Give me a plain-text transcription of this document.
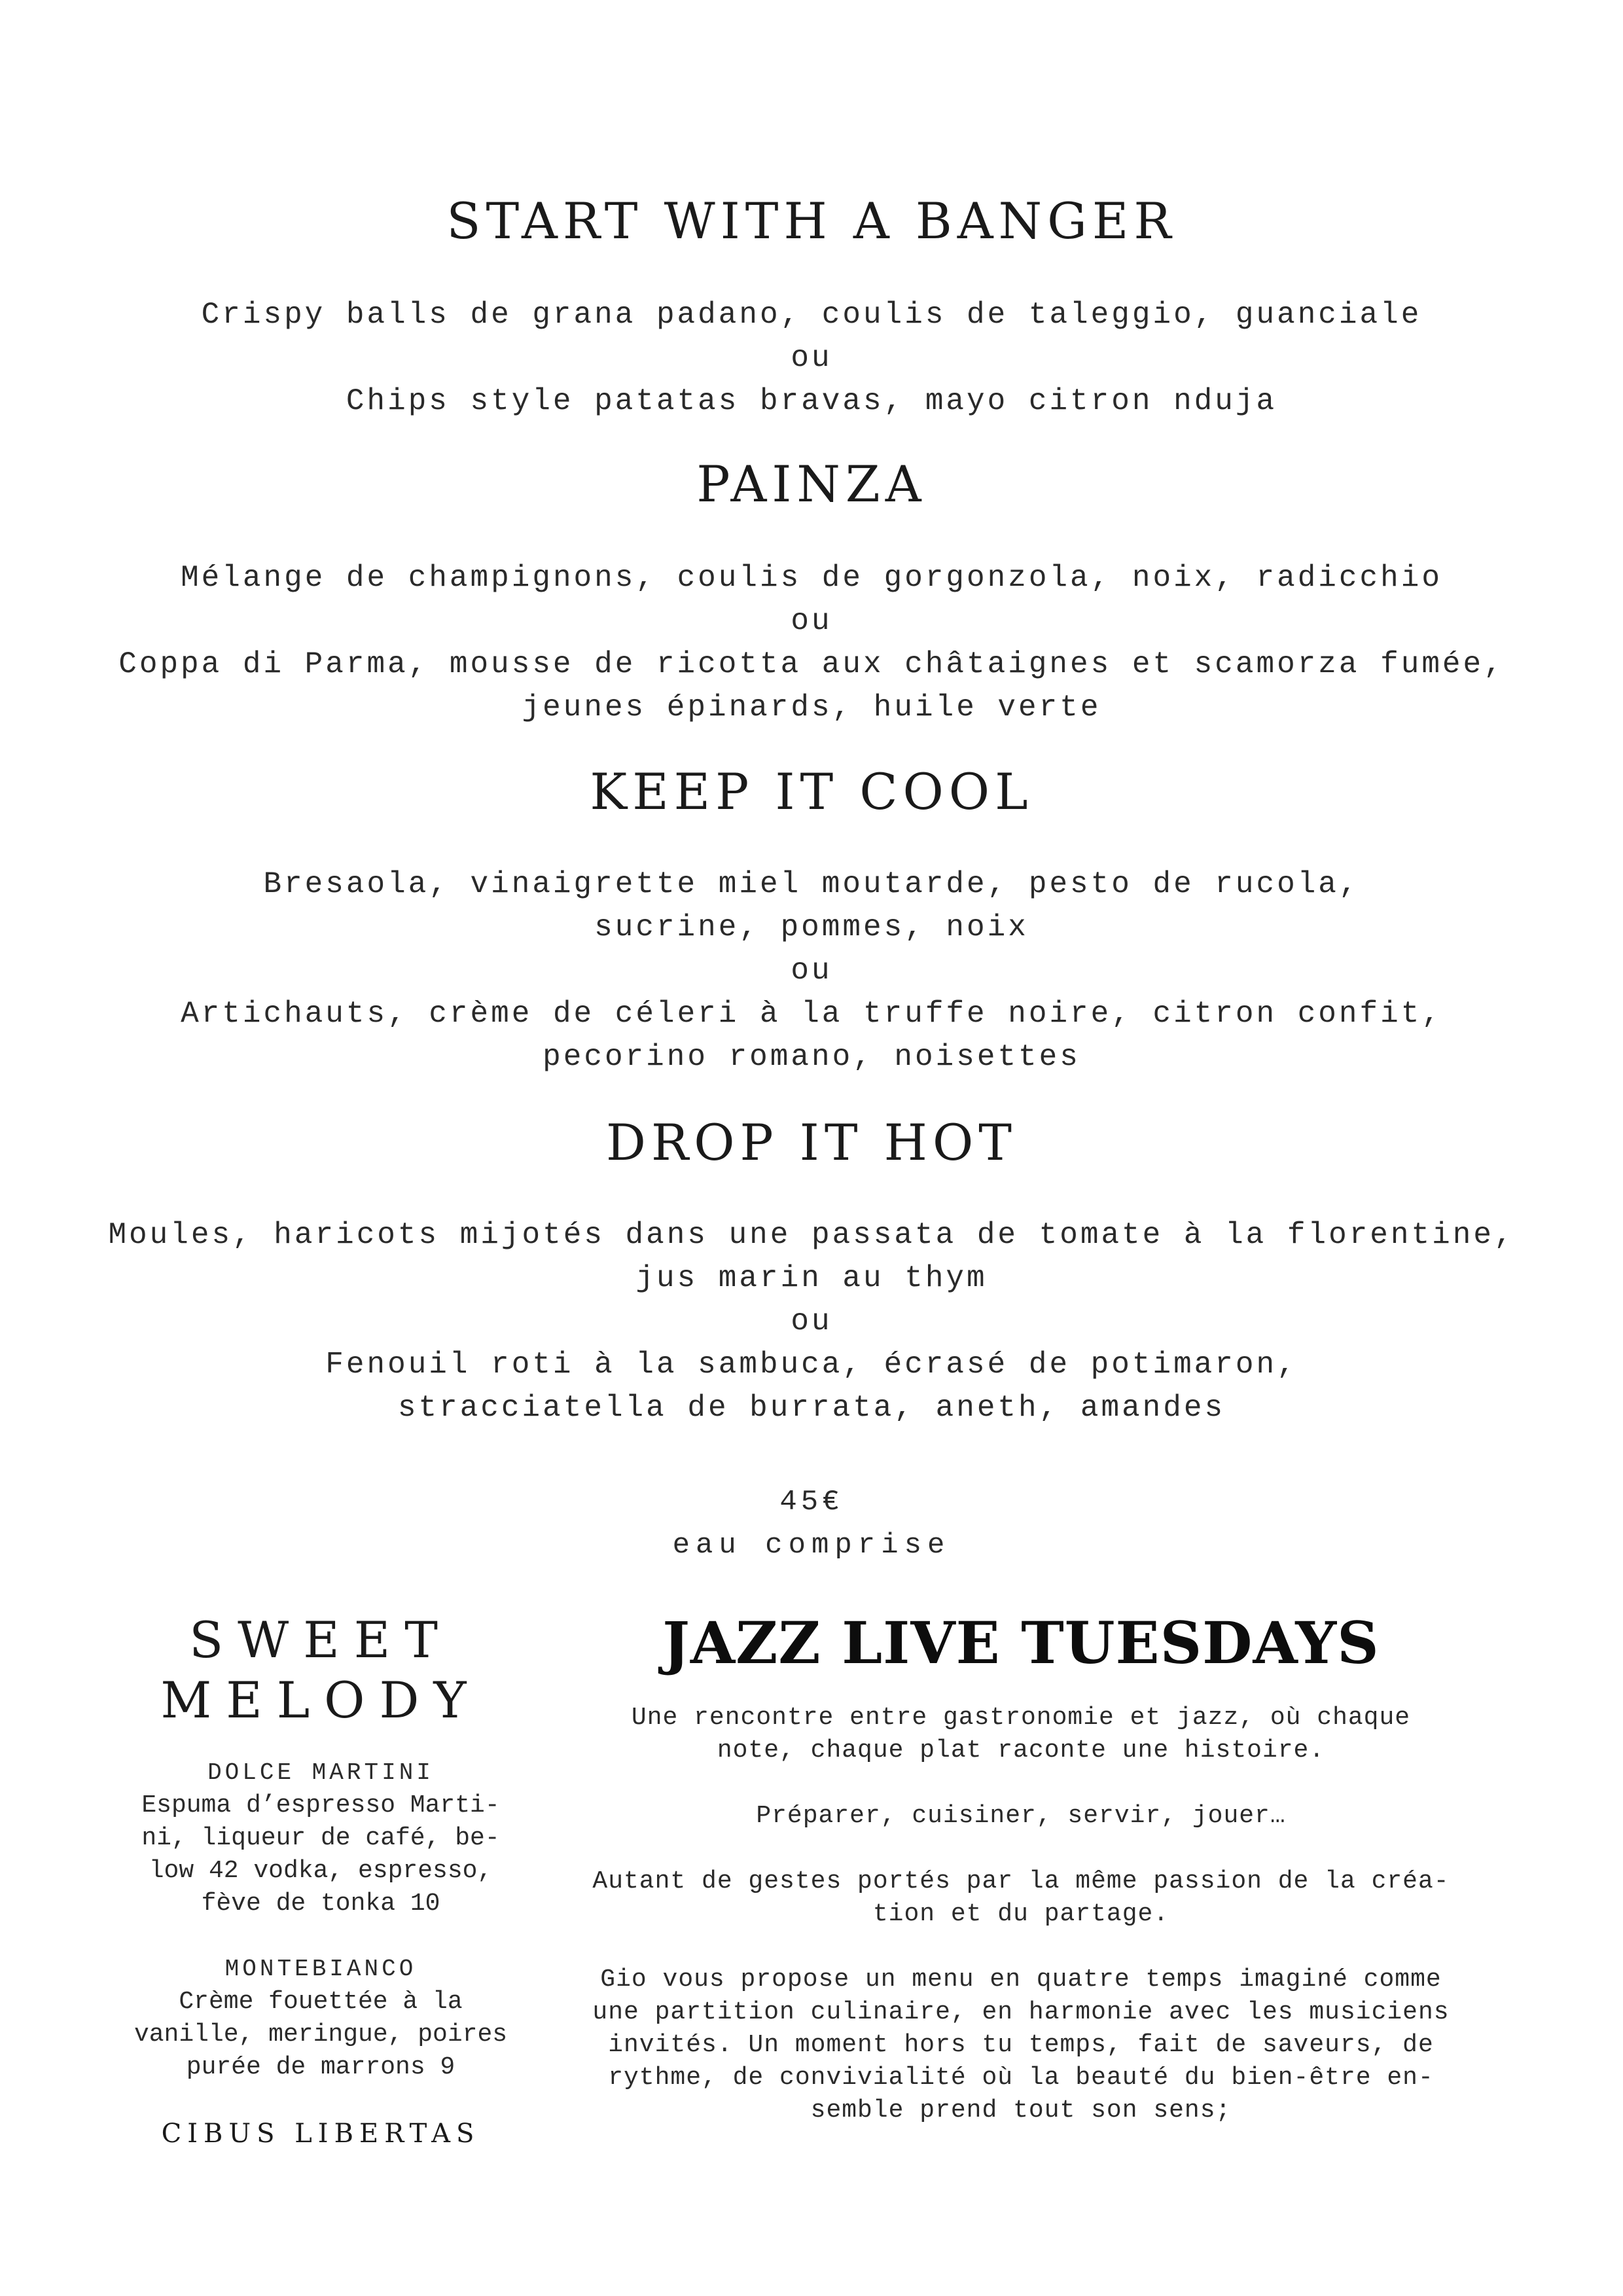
START WITH A BANGER

Crispy balls de grana padano, coulis de taleggio, guanciale

ou

Chips style patatas bravas, mayo citron nduja

PAINZA

Mélange de champignons, coulis de gorgonzola, noix, radicchio

ou

Coppa di Parma, mousse de ricotta aux châtaignes et scamorza fumée,

jeunes épinards, huile verte

KEEP IT COOL

Bresaola, vinaigrette miel moutarde, pesto de rucola,

sucrine, pommes, noix

ou

Artichauts, crème de céleri à la truffe noire, citron confit,

pecorino romano, noisettes

DROP IT HOT

Moules, haricots mijotés dans une passata de tomate à la florentine,

jus marin au thym

ou

Fenouil roti à la sambuca, écrasé de potimaron,

stracciatella de burrata, aneth, amandes

45€

eau comprise

SWEET

MELODY

DOLCE MARTINI

Espuma d’espresso Marti-

ni, liqueur de café, be-

low 42 vodka, espresso,

fève de tonka 10

MONTEBIANCO

Crème fouettée à la

vanille, meringue, poires

purée de marrons 9

CIBUS LIBERTAS

JAZZ LIVE TUESDAYS

Une rencontre entre gastronomie et jazz, où chaque

note, chaque plat raconte une histoire.

Préparer, cuisiner, servir, jouer…

Autant de gestes portés par la même passion de la créa-

tion et du partage.

Gio vous propose un menu en quatre temps imaginé comme

une partition culinaire, en harmonie avec les musiciens

invités. Un moment hors tu temps, fait de saveurs, de

rythme, de convivialité où la beauté du bien-être en-

semble prend tout son sens;
